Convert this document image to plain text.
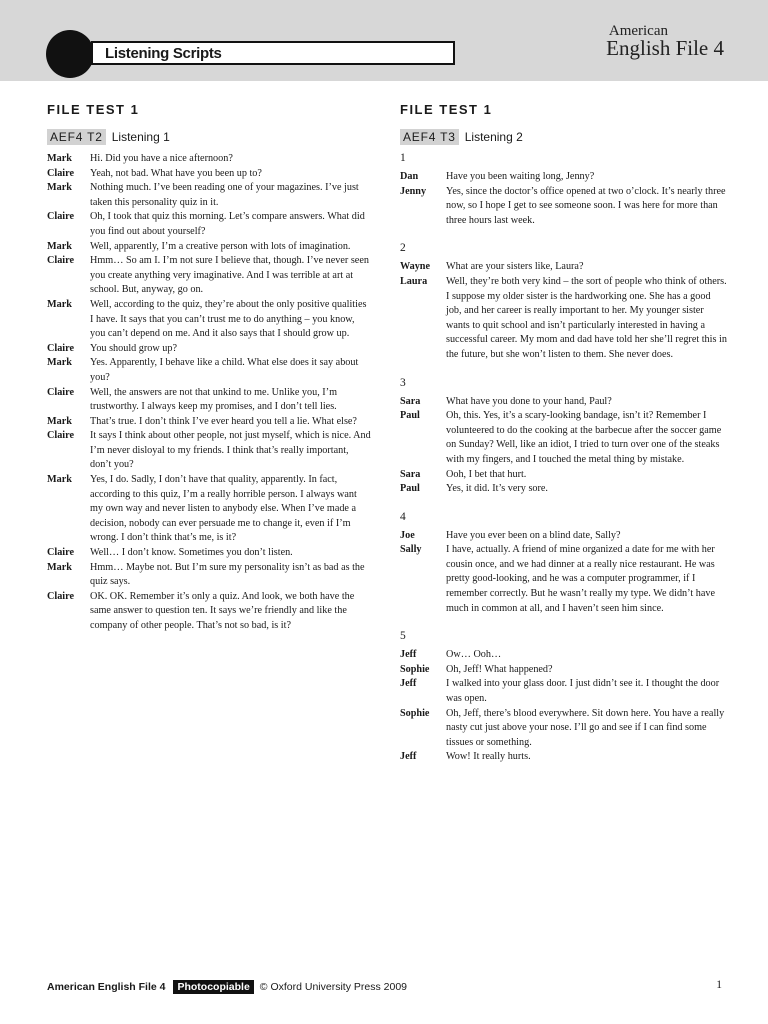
Listening Scripts
American
English File 4
FILE TEST 1
AEF4 T2 Listening 1
Mark	Hi. Did you have a nice afternoon?
Claire	Yeah, not bad. What have you been up to?
Mark	Nothing much. I’ve been reading one of your magazines. I’ve just taken this personality quiz in it.
Claire	Oh, I took that quiz this morning. Let’s compare answers. What did you find out about yourself?
Mark	Well, apparently, I’m a creative person with lots of imagination.
Claire	Hmm… So am I. I’m not sure I believe that, though. I’ve never seen you create anything very imaginative. And I was terrible at art at school. But, anyway, go on.
Mark	Well, according to the quiz, they’re about the only positive qualities I have. It says that you can’t trust me to do anything – you know, you can’t depend on me. And it also says that I should grow up.
Claire	You should grow up?
Mark	Yes. Apparently, I behave like a child. What else does it say about you?
Claire	Well, the answers are not that unkind to me. Unlike you, I’m trustworthy. I always keep my promises, and I don’t tell lies.
Mark	That’s true. I don’t think I’ve ever heard you tell a lie. What else?
Claire	It says I think about other people, not just myself, which is nice. And I’m never disloyal to my friends. I think that’s really important, don’t you?
Mark	Yes, I do. Sadly, I don’t have that quality, apparently. In fact, according to this quiz, I’m a really horrible person. I always want my own way and never listen to anybody else. When I’ve made a decision, nobody can ever persuade me to change it, even if I’m wrong. I don’t think that’s me, is it?
Claire	Well… I don’t know. Sometimes you don’t listen.
Mark	Hmm… Maybe not. But I’m sure my personality isn’t as bad as the quiz says.
Claire	OK. OK. Remember it’s only a quiz. And look, we both have the same answer to question ten. It says we’re friendly and like the company of other people. That’s not so bad, is it?
FILE TEST 1
AEF4 T3 Listening 2
1
Dan	Have you been waiting long, Jenny?
Jenny	Yes, since the doctor’s office opened at two o’clock. It’s nearly three now, so I hope I get to see someone soon. I was here for more than three hours last week.
2
Wayne	What are your sisters like, Laura?
Laura	Well, they’re both very kind – the sort of people who think of others. I suppose my older sister is the hardworking one. She has a good job, and her career is really important to her. My younger sister wants to quit school and isn’t particularly interested in having a successful career. My mom and dad have told her she’ll regret this in the future, but she won’t listen to them. She never does.
3
Sara	What have you done to your hand, Paul?
Paul	Oh, this. Yes, it’s a scary-looking bandage, isn’t it? Remember I volunteered to do the cooking at the barbecue after the soccer game on Sunday? Well, like an idiot, I tried to turn over one of the steaks with my fingers, and I touched the metal thing by mistake.
Sara	Ooh, I bet that hurt.
Paul	Yes, it did. It’s very sore.
4
Joe	Have you ever been on a blind date, Sally?
Sally	I have, actually. A friend of mine organized a date for me with her cousin once, and we had dinner at a really nice restaurant. He was pretty good-looking, and he was a computer programmer, if I remember correctly. But he wasn’t really my type. We didn’t have much in common at all, and I haven’t seen him since.
5
Jeff	Ow… Ooh…
Sophie	Oh, Jeff! What happened?
Jeff	I walked into your glass door. I just didn’t see it. I thought the door was open.
Sophie	Oh, Jeff, there’s blood everywhere. Sit down here. You have a really nasty cut just above your nose. I’ll go and see if I can find some tissues or something.
Jeff	Wow! It really hurts.
American English File 4	Photocopiable © Oxford University Press 2009	1
